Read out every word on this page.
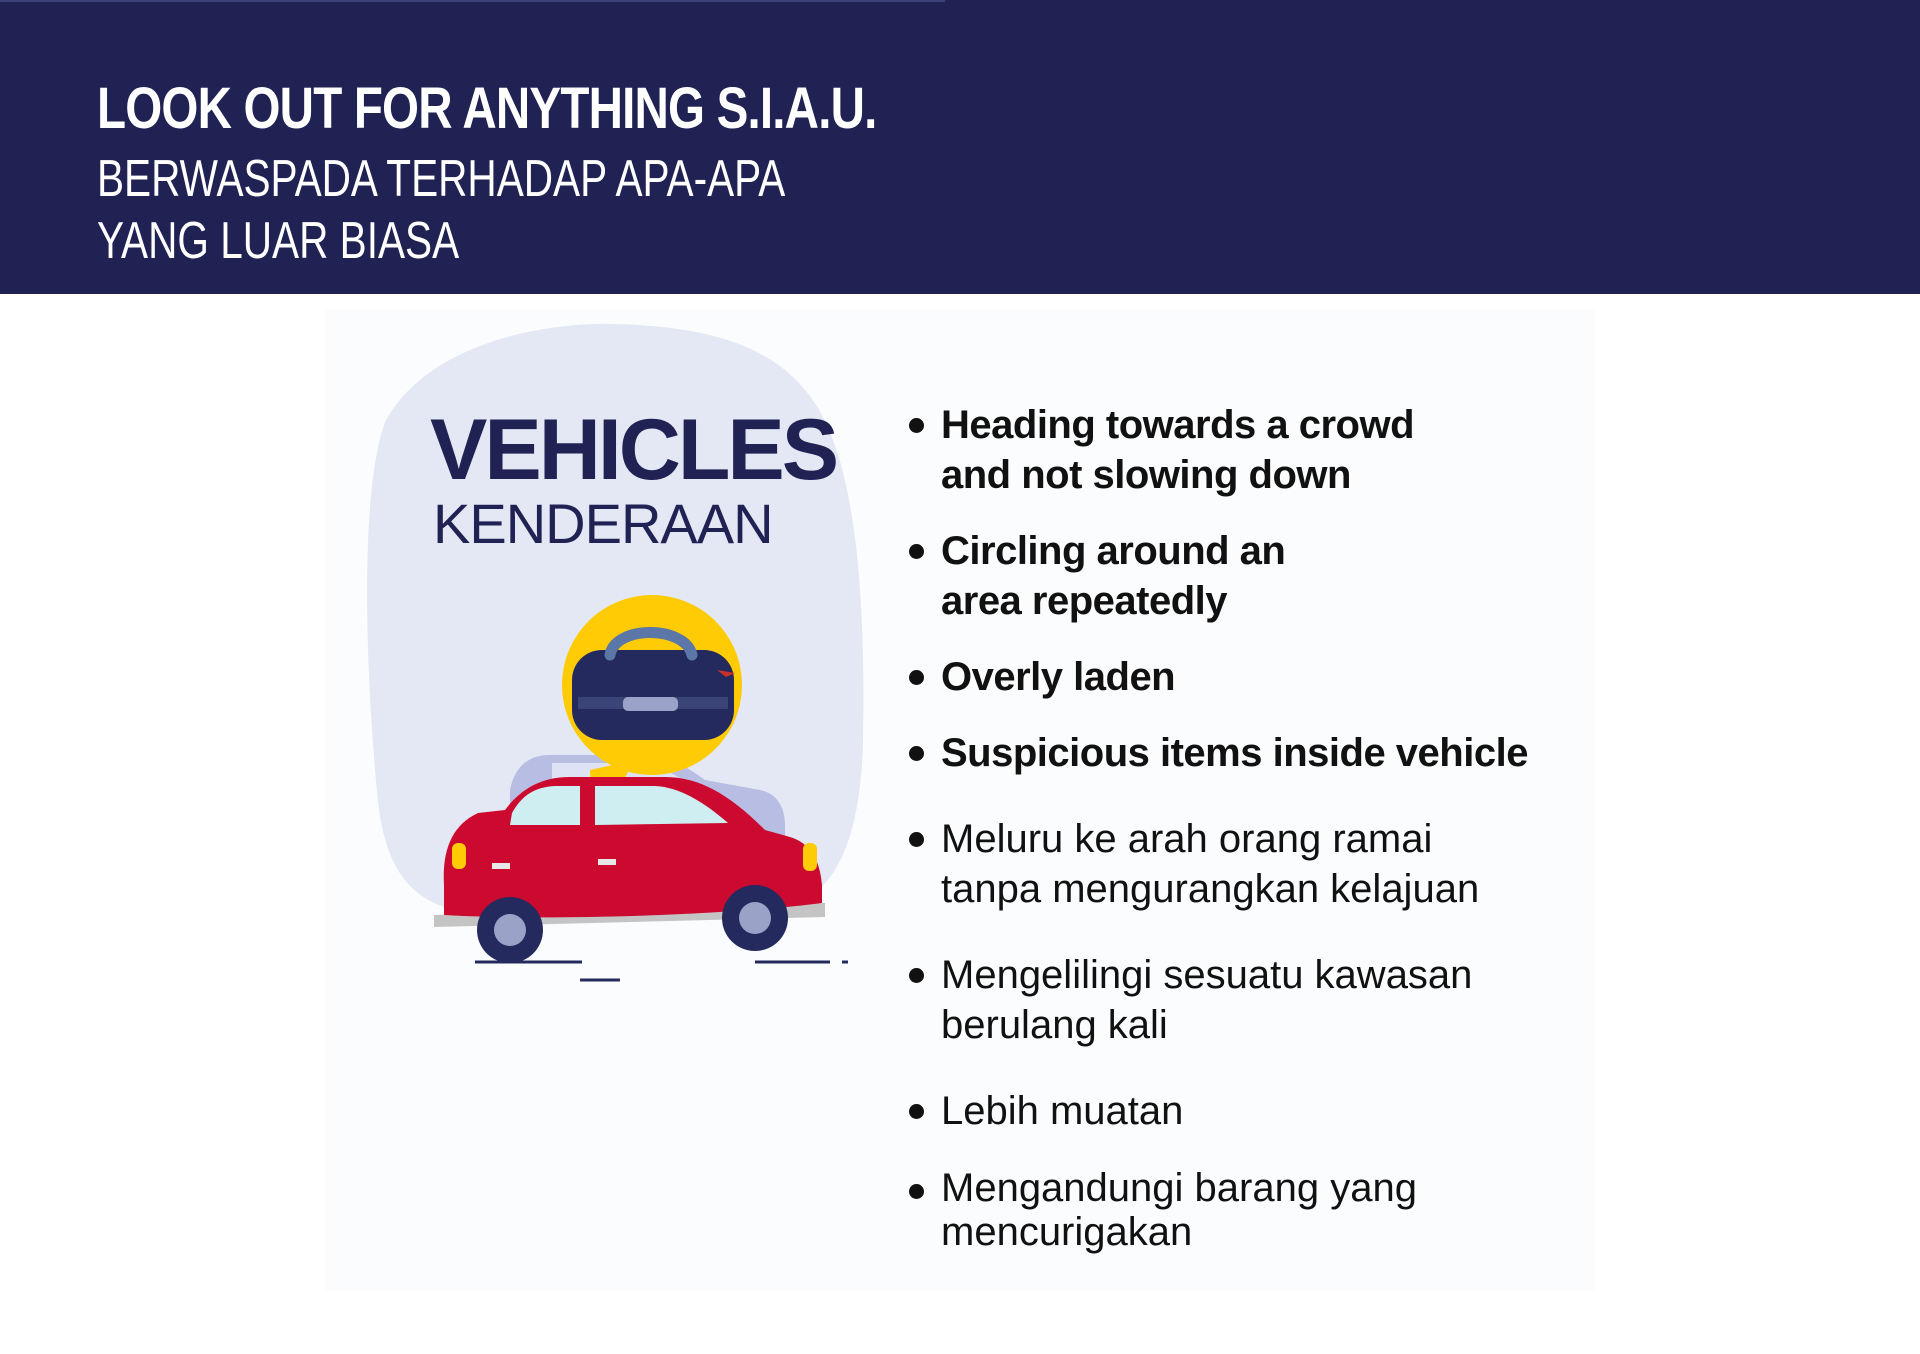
LOOK OUT FOR ANYTHING S.I.A.U.
BERWASPADA TERHADAP APA-APA
YANG LUAR BIASA
VEHICLES
KENDERAAN
Heading towards a crowd and not slowing down
Circling around an area repeatedly
Overly laden
Suspicious items inside vehicle
Meluru ke arah orang ramai tanpa mengurangkan kelajuan
Mengelilingi sesuatu kawasan berulang kali
Lebih muatan
Mengandungi barang yang mencurigakan
